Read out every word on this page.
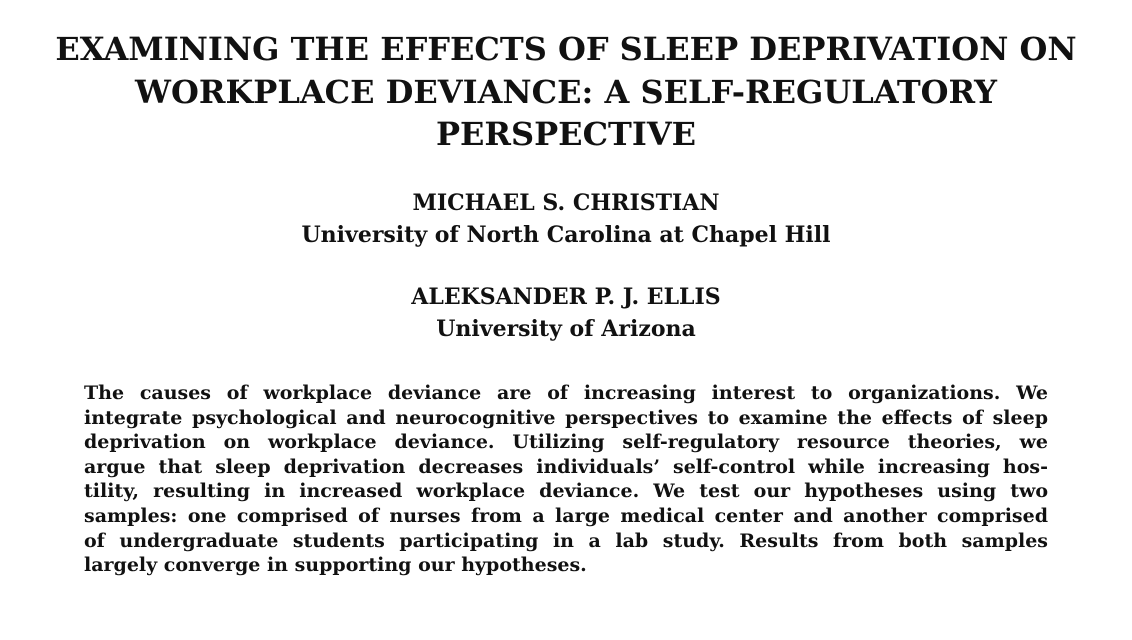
EXAMINING THE EFFECTS OF SLEEP DEPRIVATION ON
WORKPLACE DEVIANCE: A SELF-REGULATORY
PERSPECTIVE
MICHAEL S. CHRISTIAN
University of North Carolina at Chapel Hill
ALEKSANDER P. J. ELLIS
University of Arizona
The causes of workplace deviance are of increasing interest to organizations. We
integrate psychological and neurocognitive perspectives to examine the effects of sleep
deprivation on workplace deviance. Utilizing self-regulatory resource theories, we
argue that sleep deprivation decreases individuals’ self-control while increasing hos-
tility, resulting in increased workplace deviance. We test our hypotheses using two
samples: one comprised of nurses from a large medical center and another comprised
of undergraduate students participating in a lab study. Results from both samples
largely converge in supporting our hypotheses.
